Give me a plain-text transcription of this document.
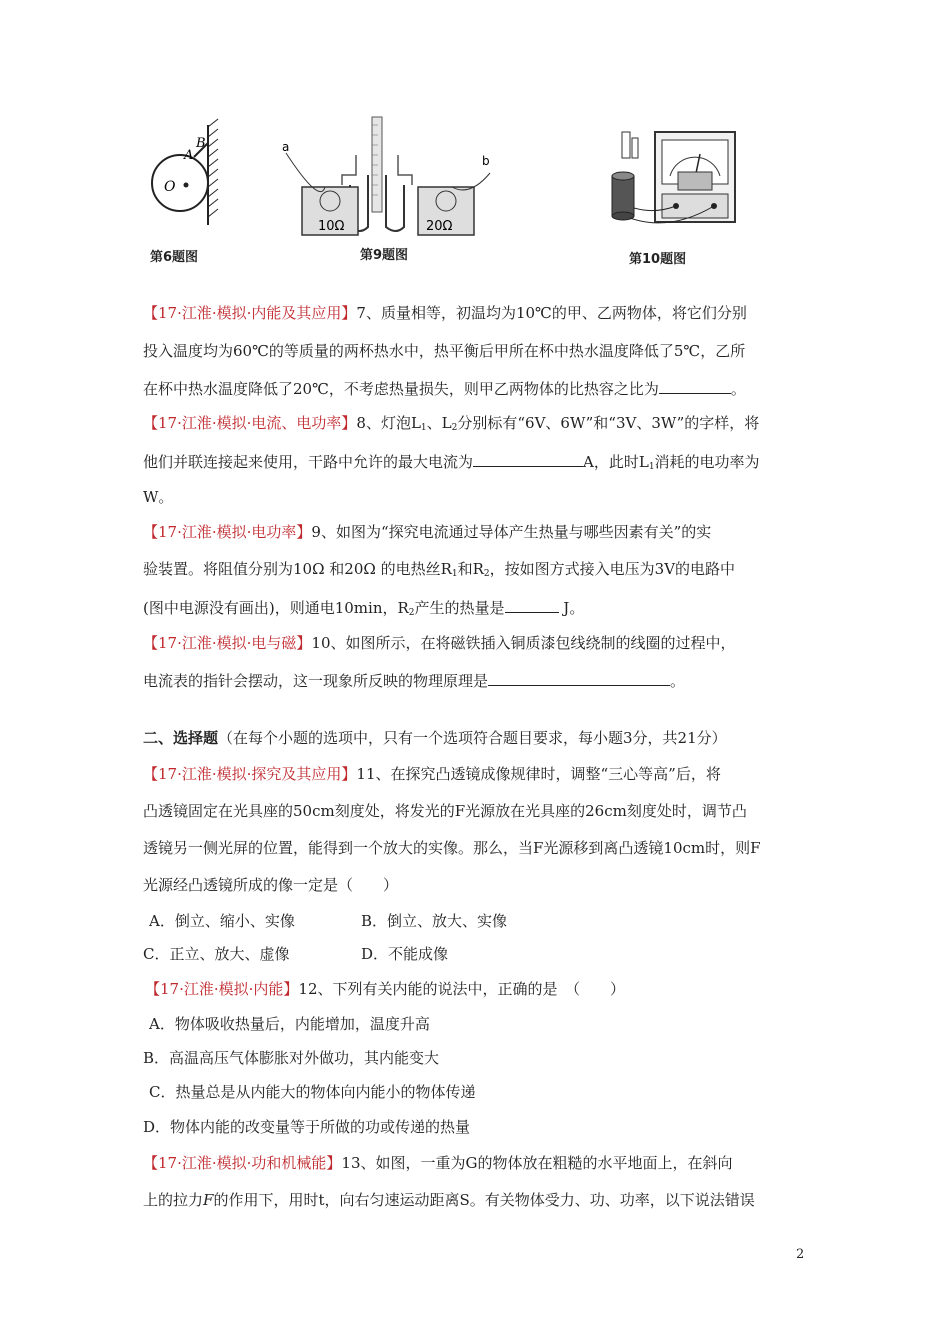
A
B
O
第6题图
a
b
10Ω	20Ω
第9题图	第10题图
【17·江淮·模拟·内能及其应用】7、质量相等，初温均为10℃的甲、乙两物体，将它们分别
投入温度均为60℃的等质量的两杯热水中，热平衡后甲所在杯中热水温度降低了5℃，乙所
在杯中热水温度降低了20℃，不考虑热量损失，则甲乙两物体的比热容之比为	。
【17·江淮·模拟·电流、电功率】8、灯泡$L_1$、$L_2$分别标有“6V、6W”和“3V、3W”的字样，将
他们并联连接起来使用，干路中允许的最大电流为	A，此时$L_1$消耗的电功率为
W。
【17·江淮·模拟·电功率】9、如图为“探究电流通过导体产生热量与哪些因素有关”的实
验装置。将阻值分别为10Ω 和20Ω 的电热丝$R_1$和$R_2$，按如图方式接入电压为3V的电路中
(图中电源没有画出)，则通电10min，$R_2$产生的热量是	J。
【17·江淮·模拟·电与磁】10、如图所示，在将磁铁插入铜质漆包线绕制的线圈的过程中，
电流表的指针会摆动，这一现象所反映的物理原理是	。
二、选择题（在每个小题的选项中，只有一个选项符合题目要求，每小题3分，共21分）
【17·江淮·模拟·探究及其应用】11、在探究凸透镜成像规律时，调整“三心等高”后，将
凸透镜固定在光具座的50cm刻度处，将发光的F光源放在光具座的26cm刻度处时，调节凸
透镜另一侧光屏的位置，能得到一个放大的实像。那么，当F光源移到离凸透镜10cm时，则F
光源经凸透镜所成的像一定是（　　）
A．倒立、缩小、实像	B．倒立、放大、实像
C．正立、放大、虚像	D．不能成像
【17·江淮·模拟·内能】12、下列有关内能的说法中，正确的是　（　　）
A．物体吸收热量后，内能增加，温度升高
B．高温高压气体膨胀对外做功，其内能变大
C．热量总是从内能大的物体向内能小的物体传递
D．物体内能的改变量等于所做的功或传递的热量
【17·江淮·模拟·功和机械能】13、如图，一重为G的物体放在粗糙的水平地面上，在斜向
上的拉力F的作用下，用时t，向右匀速运动距离S。有关物体受力、功、功率，以下说法错误
2
